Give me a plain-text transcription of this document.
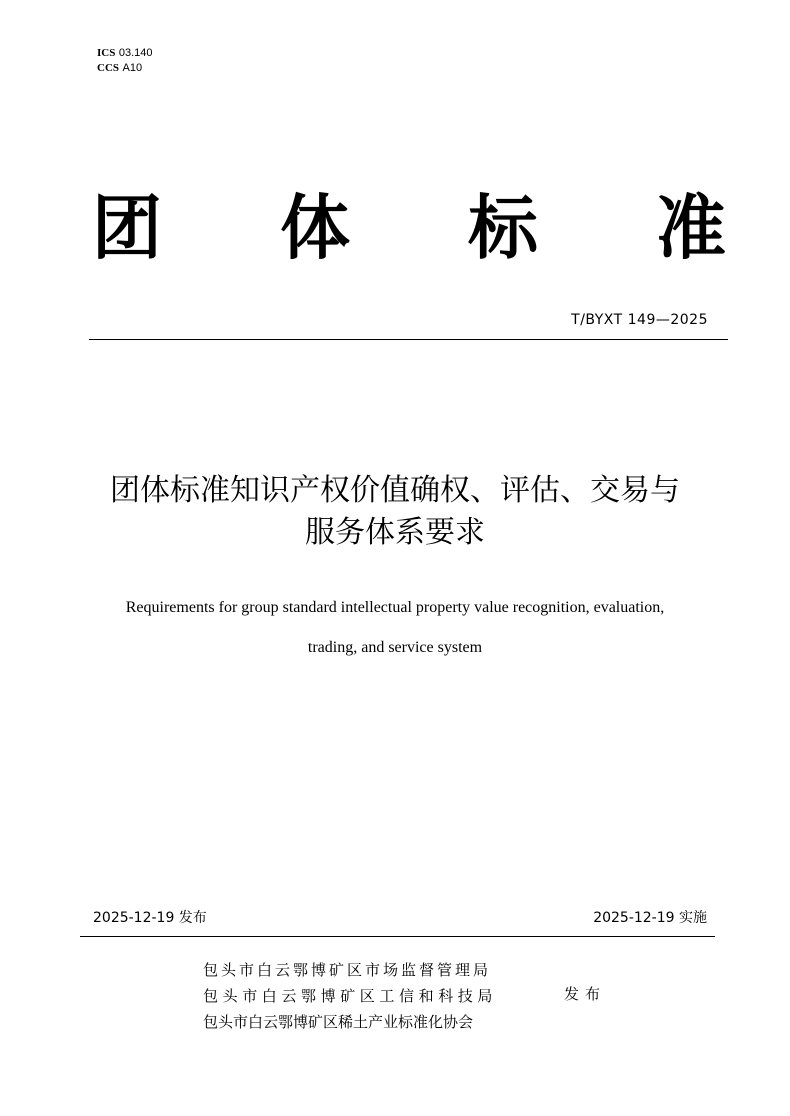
ICS 03.140
CCS A10
团 体 标 准
T/BYXT 149—2025
团体标准知识产权价值确权、评估、交易与
服务体系要求
Requirements for group standard intellectual property value recognition, evaluation,
trading, and service system
2025-12-19 发布	2025-12-19 实施
包头市白云鄂博矿区市场监督管理局
包头市白云鄂博矿区工信和科技局
包头市白云鄂博矿区稀土产业标准化协会
发布
